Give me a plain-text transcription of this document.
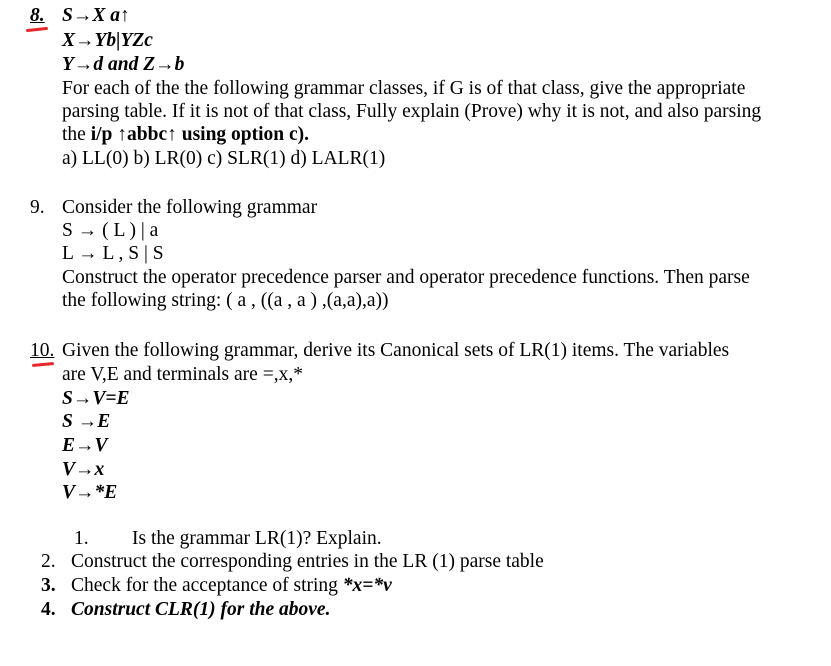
8. S→X a↑
X→Yb|YZc
Y→d and Z→b
For each of the the following grammar classes, if G is of that class, give the appropriate
parsing table. If it is not of that class, Fully explain (Prove) why it is not, and also parsing
the i/p ↑abbc↑ using option c).
a) LL(0) b) LR(0) c) SLR(1) d) LALR(1)
9. Consider the following grammar
S → ( L ) | a
L → L , S | S
Construct the operator precedence parser and operator precedence functions. Then parse
the following string: ( a , ((a , a ) ,(a,a),a))
10. Given the following grammar, derive its Canonical sets of LR(1) items. The variables
are V,E and terminals are =,x,*
S→V=E
S →E
E→V
V→x
V→*E
1. Is the grammar LR(1)? Explain.
2. Construct the corresponding entries in the LR (1) parse table
3. Check for the acceptance of string *x=*v
4. Construct CLR(1) for the above.
